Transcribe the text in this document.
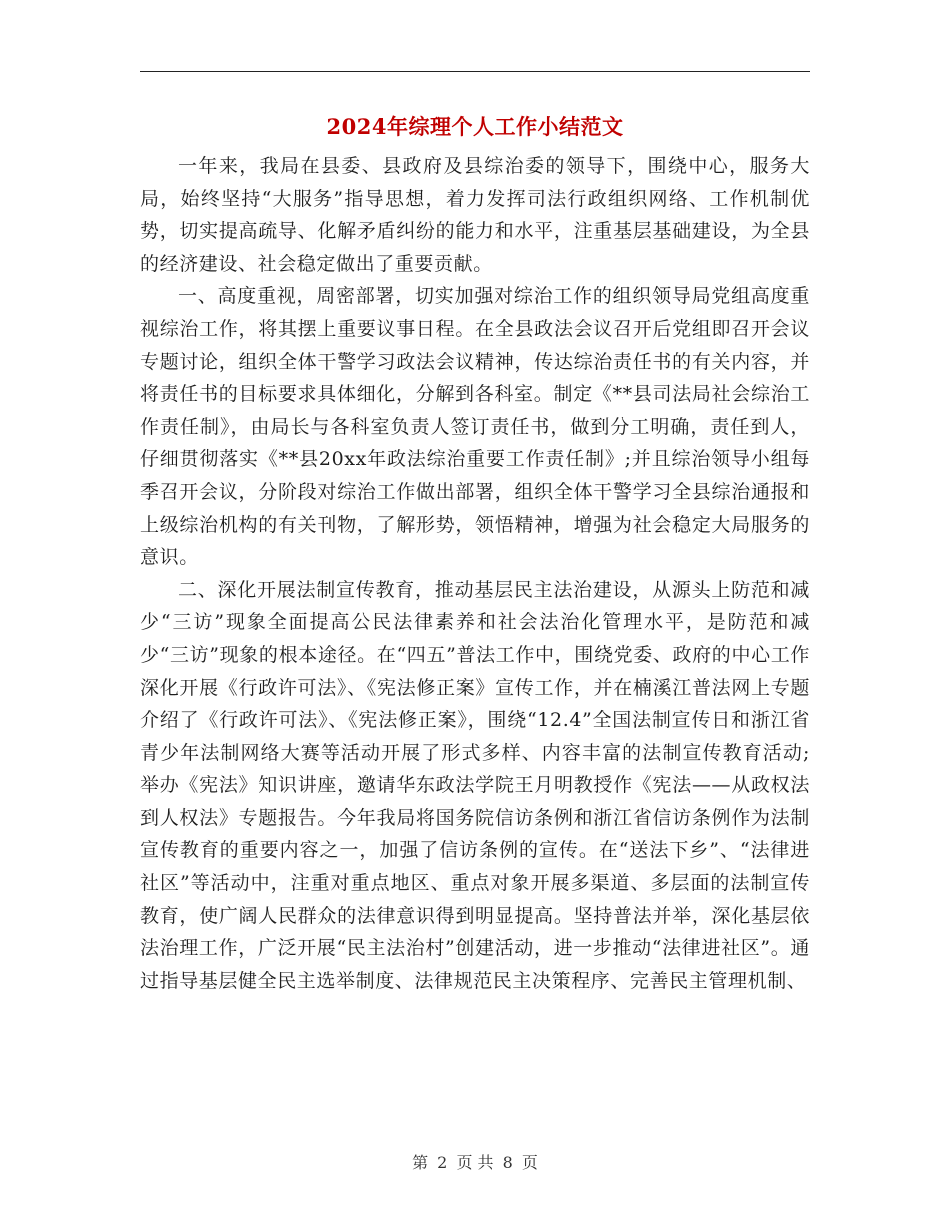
2024年综理个人工作小结范文

一年来，我局在县委、县政府及县综治委的领导下，围绕中心，服务大局，始终坚持“大服务”指导思想，着力发挥司法行政组织网络、工作机制优势，切实提高疏导、化解矛盾纠纷的能力和水平，注重基层基础建设，为全县的经济建设、社会稳定做出了重要贡献。

一、高度重视，周密部署，切实加强对综治工作的组织领导局党组高度重视综治工作，将其摆上重要议事日程。在全县政法会议召开后党组即召开会议专题讨论，组织全体干警学习政法会议精神，传达综治责任书的有关内容，并将责任书的目标要求具体细化，分解到各科室。制定《**县司法局社会综治工作责任制》，由局长与各科室负责人签订责任书，做到分工明确，责任到人，仔细贯彻落实《**县20xx年政法综治重要工作责任制》;并且综治领导小组每季召开会议，分阶段对综治工作做出部署，组织全体干警学习全县综治通报和上级综治机构的有关刊物，了解形势，领悟精神，增强为社会稳定大局服务的意识。

二、深化开展法制宣传教育，推动基层民主法治建设，从源头上防范和减少“三访”现象全面提高公民法律素养和社会法治化管理水平，是防范和减少“三访”现象的根本途径。在“四五”普法工作中，围绕党委、政府的中心工作深化开展《行政许可法》、《宪法修正案》宣传工作，并在楠溪江普法网上专题介绍了《行政许可法》、《宪法修正案》，围绕“12.4”全国法制宣传日和浙江省青少年法制网络大赛等活动开展了形式多样、内容丰富的法制宣传教育活动;举办《宪法》知识讲座，邀请华东政法学院王月明教授作《宪法——从政权法到人权法》专题报告。今年我局将国务院信访条例和浙江省信访条例作为法制宣传教育的重要内容之一，加强了信访条例的宣传。在“送法下乡”、“法律进社区”等活动中，注重对重点地区、重点对象开展多渠道、多层面的法制宣传教育，使广阔人民群众的法律意识得到明显提高。坚持普法并举，深化基层依法治理工作，广泛开展“民主法治村”创建活动，进一步推动“法律进社区”。通过指导基层健全民主选举制度、法律规范民主决策程序、完善民主管理机制、

第 2 页 共 8 页
